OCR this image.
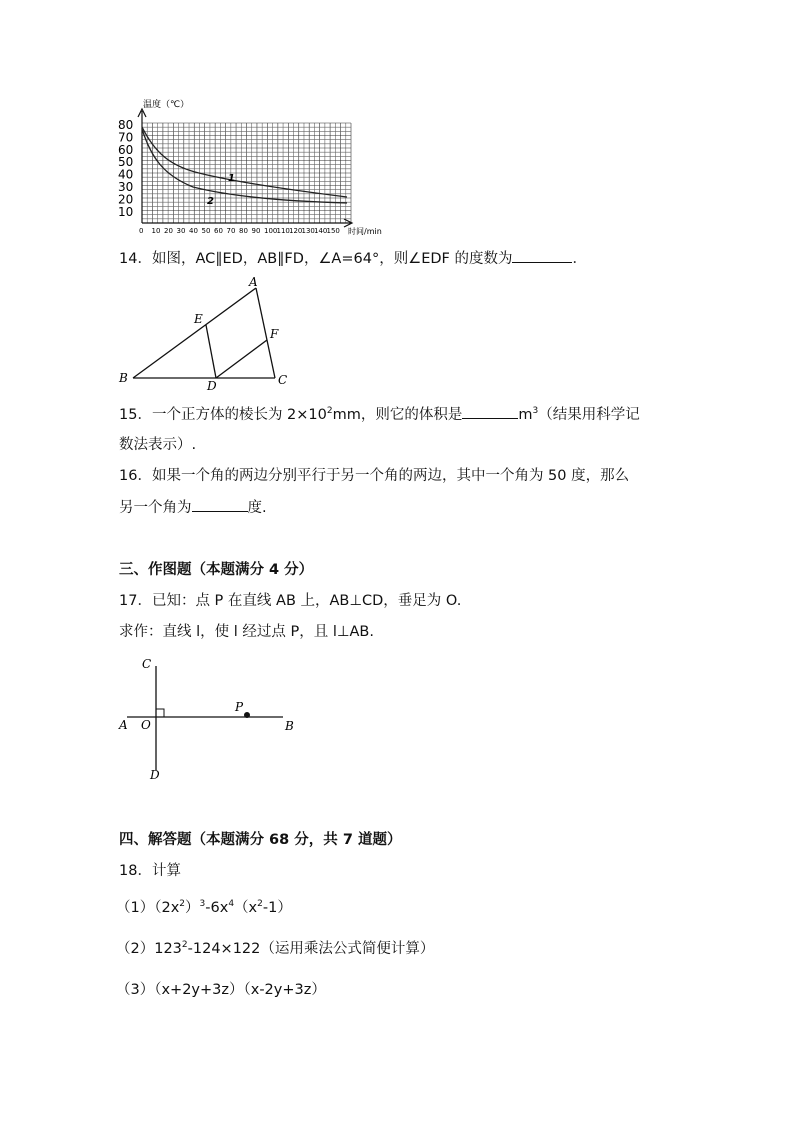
温度（℃）
80
70
60
50
40
30
20
10
0 10 20 30 40 50 60 70 80 90 100 110 120 130 140 150
1
2
时间/min
14．如图，AC∥ED，AB∥FD，∠A=64°，则∠EDF 的度数为	．
A
B	C
D
E
F
15．一个正方体的棱长为 $2\times 10^2mm$，则它的体积是	$m^3$（结果用科学记
数法表示）.
16．如果一个角的两边分别平行于另一个角的两边，其中一个角为 50 度，那么
另一个角为	度.
三、作图题（本题满分 4 分）
17．已知：点 P 在直线 AB 上，AB⊥CD，垂足为 O.
求作：直线 l，使 l 经过点 P，且 l⊥AB.
C
A O
P
B
D
四、解答题（本题满分 68 分，共 7 道题）
18．计算
$(1)(2x^2)^3-6x^4(x^2-1)$
$(2)123^2-124\times 122$（运用乘法公式简便计算）
（3）（x+2y+3z）（x-2y+3z）
